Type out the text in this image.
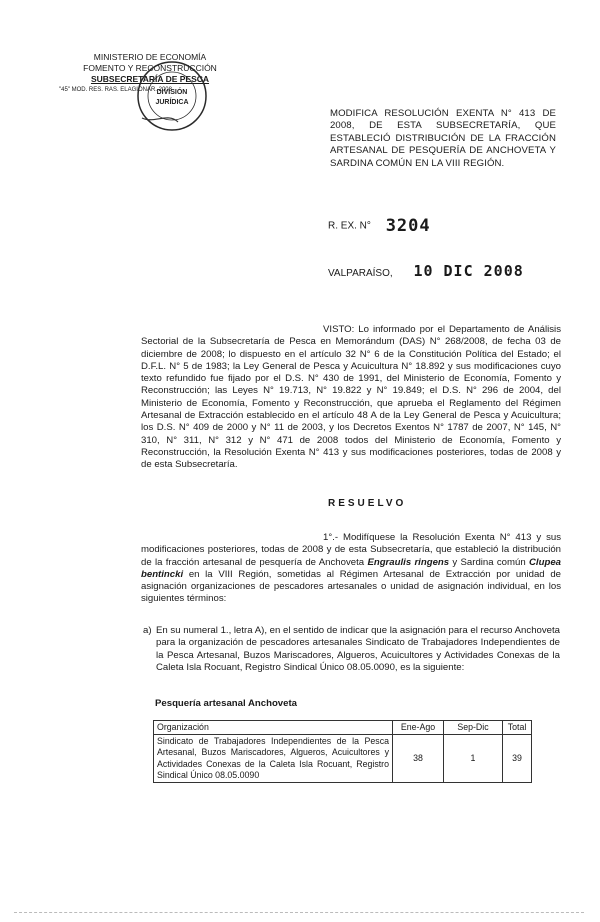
MINISTERIO DE ECONOMÍA
FOMENTO Y RECONSTRUCCIÓN
SUBSECRETARÍA DE PESCA
"45" MOD. RES. RAS. ELAGIONAR. 2008
DIVISIÓN
JURÍDICA
MODIFICA RESOLUCIÓN EXENTA N° 413 DE 2008, DE ESTA SUBSECRETARÍA, QUE ESTABLECIÓ DISTRIBUCIÓN DE LA FRACCIÓN ARTESANAL DE PESQUERÍA DE ANCHOVETA Y SARDINA COMÚN EN LA VIII REGIÓN.
R. EX. N° 3204
VALPARAÍSO, 10 DIC 2008
VISTO: Lo informado por el Departamento de Análisis Sectorial de la Subsecretaría de Pesca en Memorándum (DAS) N° 268/2008, de fecha 03 de diciembre de 2008; lo dispuesto en el artículo 32 N° 6 de la Constitución Política del Estado; el D.F.L. N° 5 de 1983; la Ley General de Pesca y Acuicultura N° 18.892 y sus modificaciones cuyo texto refundido fue fijado por el D.S. N° 430 de 1991, del Ministerio de Economía, Fomento y Reconstrucción; las Leyes N° 19.713, N° 19.822 y N° 19.849; el D.S. N° 296 de 2004, del Ministerio de Economía, Fomento y Reconstrucción, que aprueba el Reglamento del Régimen Artesanal de Extracción establecido en el artículo 48 A de la Ley General de Pesca y Acuicultura; los D.S. N° 409 de 2000 y N° 11 de 2003, y los Decretos Exentos N° 1787 de 2007, N° 145, N° 310, N° 311, N° 312 y N° 471 de 2008 todos del Ministerio de Economía, Fomento y Reconstrucción, la Resolución Exenta N° 413 y sus modificaciones posteriores, todas de 2008 y de esta Subsecretaría.
RESUELVO
1°.- Modifíquese la Resolución Exenta N° 413 y sus modificaciones posteriores, todas de 2008 y de esta Subsecretaría, que estableció la distribución de la fracción artesanal de pesquería de Anchoveta Engraulis ringens y Sardina común Clupea bentincki en la VIII Región, sometidas al Régimen Artesanal de Extracción por unidad de asignación organizaciones de pescadores artesanales o unidad de asignación individual, en los siguientes términos:
a) En su numeral 1., letra A), en el sentido de indicar que la asignación para el recurso Anchoveta para la organización de pescadores artesanales Sindicato de Trabajadores Independientes de la Pesca Artesanal, Buzos Mariscadores, Algueros, Acuicultores y Actividades Conexas de la Caleta Isla Rocuant, Registro Sindical Único 08.05.0090, es la siguiente:
Pesquería artesanal Anchoveta
Organización	Ene-Ago	Sep-Dic	Total
Sindicato de Trabajadores Independientes de la Pesca Artesanal, Buzos Mariscadores, Algueros, Acuicultores y Actividades Conexas de la Caleta Isla Rocuant, Registro Sindical Único 08.05.0090	38	1	39
